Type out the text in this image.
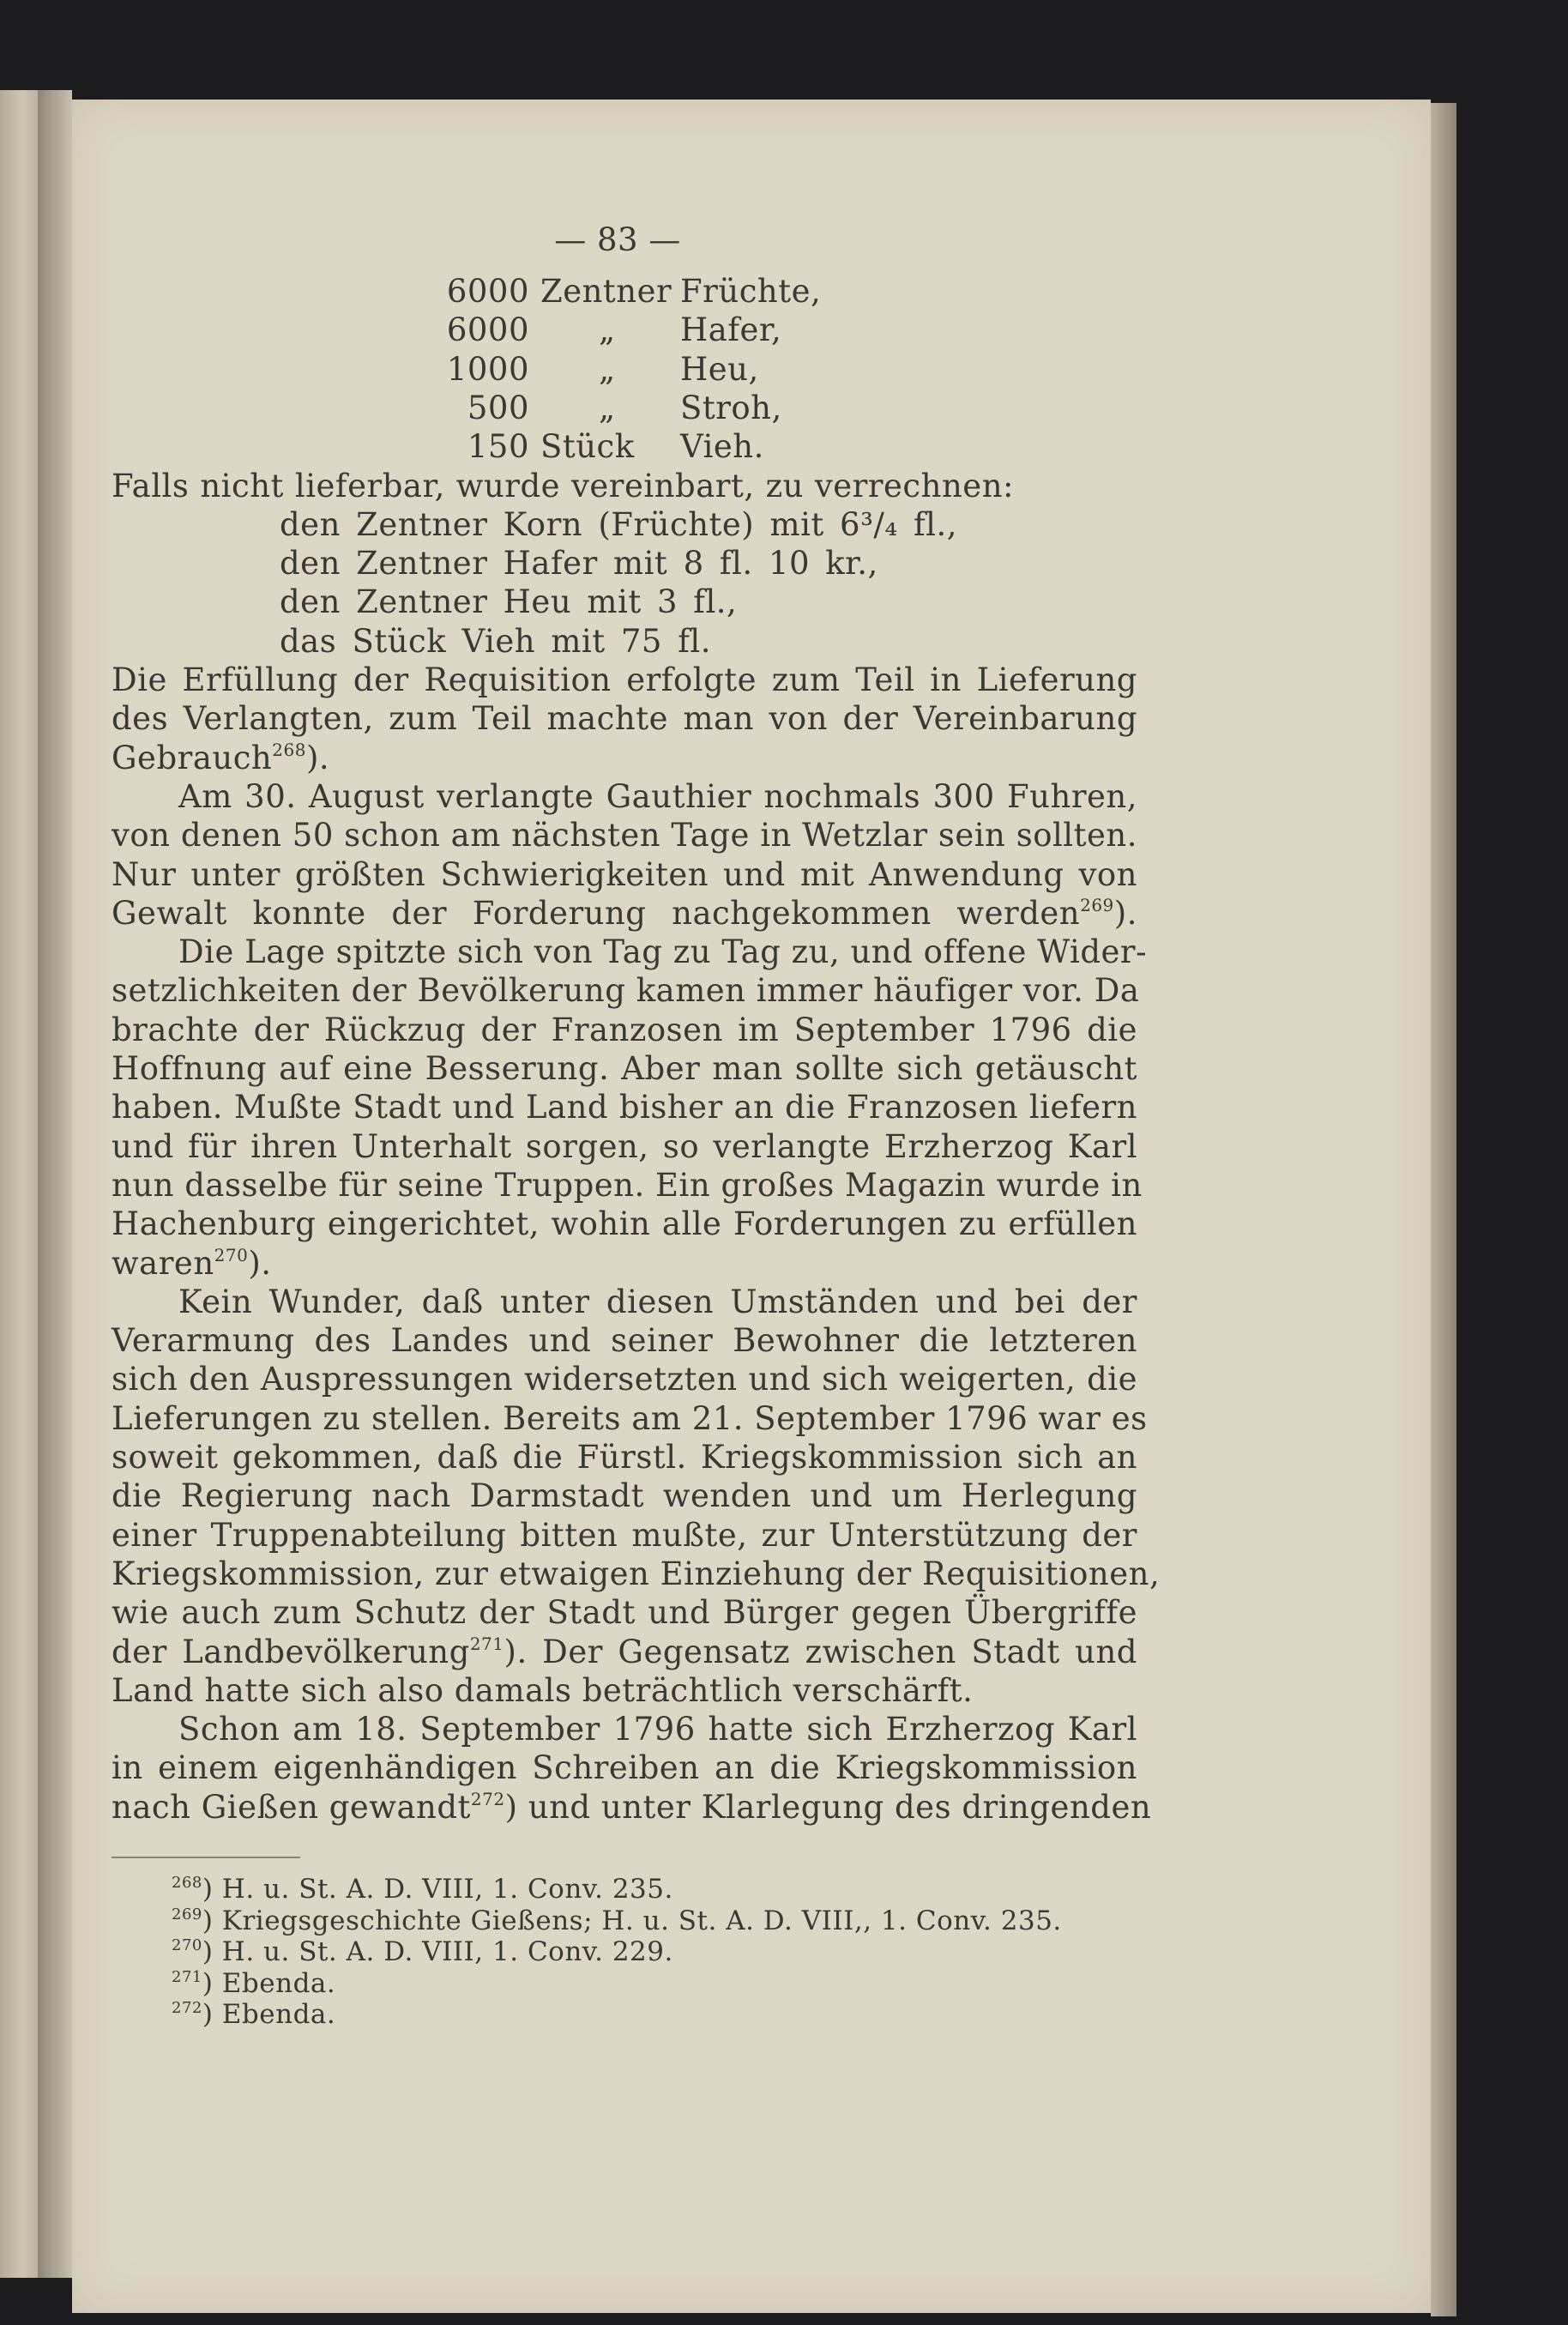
— 83 —
6000 Zentner Früchte,
6000 „ Hafer,
1000 „ Heu,
500 „ Stroh,
150 Stück Vieh.
Falls nicht lieferbar, wurde vereinbart, zu verrechnen:
den Zentner Korn (Früchte) mit 6³/₄ fl.,
den Zentner Hafer mit 8 fl. 10 kr.,
den Zentner Heu mit 3 fl.,
das Stück Vieh mit 75 fl.
Die Erfüllung der Requisition erfolgte zum Teil in Lieferung
des Verlangten, zum Teil machte man von der Vereinbarung
Gebrauch$^{268}$).
Am 30. August verlangte Gauthier nochmals 300 Fuhren,
von denen 50 schon am nächsten Tage in Wetzlar sein sollten.
Nur unter größten Schwierigkeiten und mit Anwendung von
Gewalt konnte der Forderung nachgekommen werden$^{269}$).
Die Lage spitzte sich von Tag zu Tag zu, und offene Wider-
setzlichkeiten der Bevölkerung kamen immer häufiger vor. Da
brachte der Rückzug der Franzosen im September 1796 die
Hoffnung auf eine Besserung. Aber man sollte sich getäuscht
haben. Mußte Stadt und Land bisher an die Franzosen liefern
und für ihren Unterhalt sorgen, so verlangte Erzherzog Karl
nun dasselbe für seine Truppen. Ein großes Magazin wurde in
Hachenburg eingerichtet, wohin alle Forderungen zu erfüllen
waren$^{270}$).
Kein Wunder, daß unter diesen Umständen und bei der
Verarmung des Landes und seiner Bewohner die letzteren
sich den Auspressungen widersetzten und sich weigerten, die
Lieferungen zu stellen. Bereits am 21. September 1796 war es
soweit gekommen, daß die Fürstl. Kriegskommission sich an
die Regierung nach Darmstadt wenden und um Herlegung
einer Truppenabteilung bitten mußte, zur Unterstützung der
Kriegskommission, zur etwaigen Einziehung der Requisitionen,
wie auch zum Schutz der Stadt und Bürger gegen Übergriffe
der Landbevölkerung$^{271}$). Der Gegensatz zwischen Stadt und
Land hatte sich also damals beträchtlich verschärft.
Schon am 18. September 1796 hatte sich Erzherzog Karl
in einem eigenhändigen Schreiben an die Kriegskommission
nach Gießen gewandt$^{272}$) und unter Klarlegung des dringenden
$^{268}$) H. u. St. A. D. VIII, 1. Conv. 235.
$^{269}$) Kriegsgeschichte Gießens; H. u. St. A. D. VIII,, 1. Conv. 235.
$^{270}$) H. u. St. A. D. VIII, 1. Conv. 229.
$^{271}$) Ebenda.
$^{272}$) Ebenda.
